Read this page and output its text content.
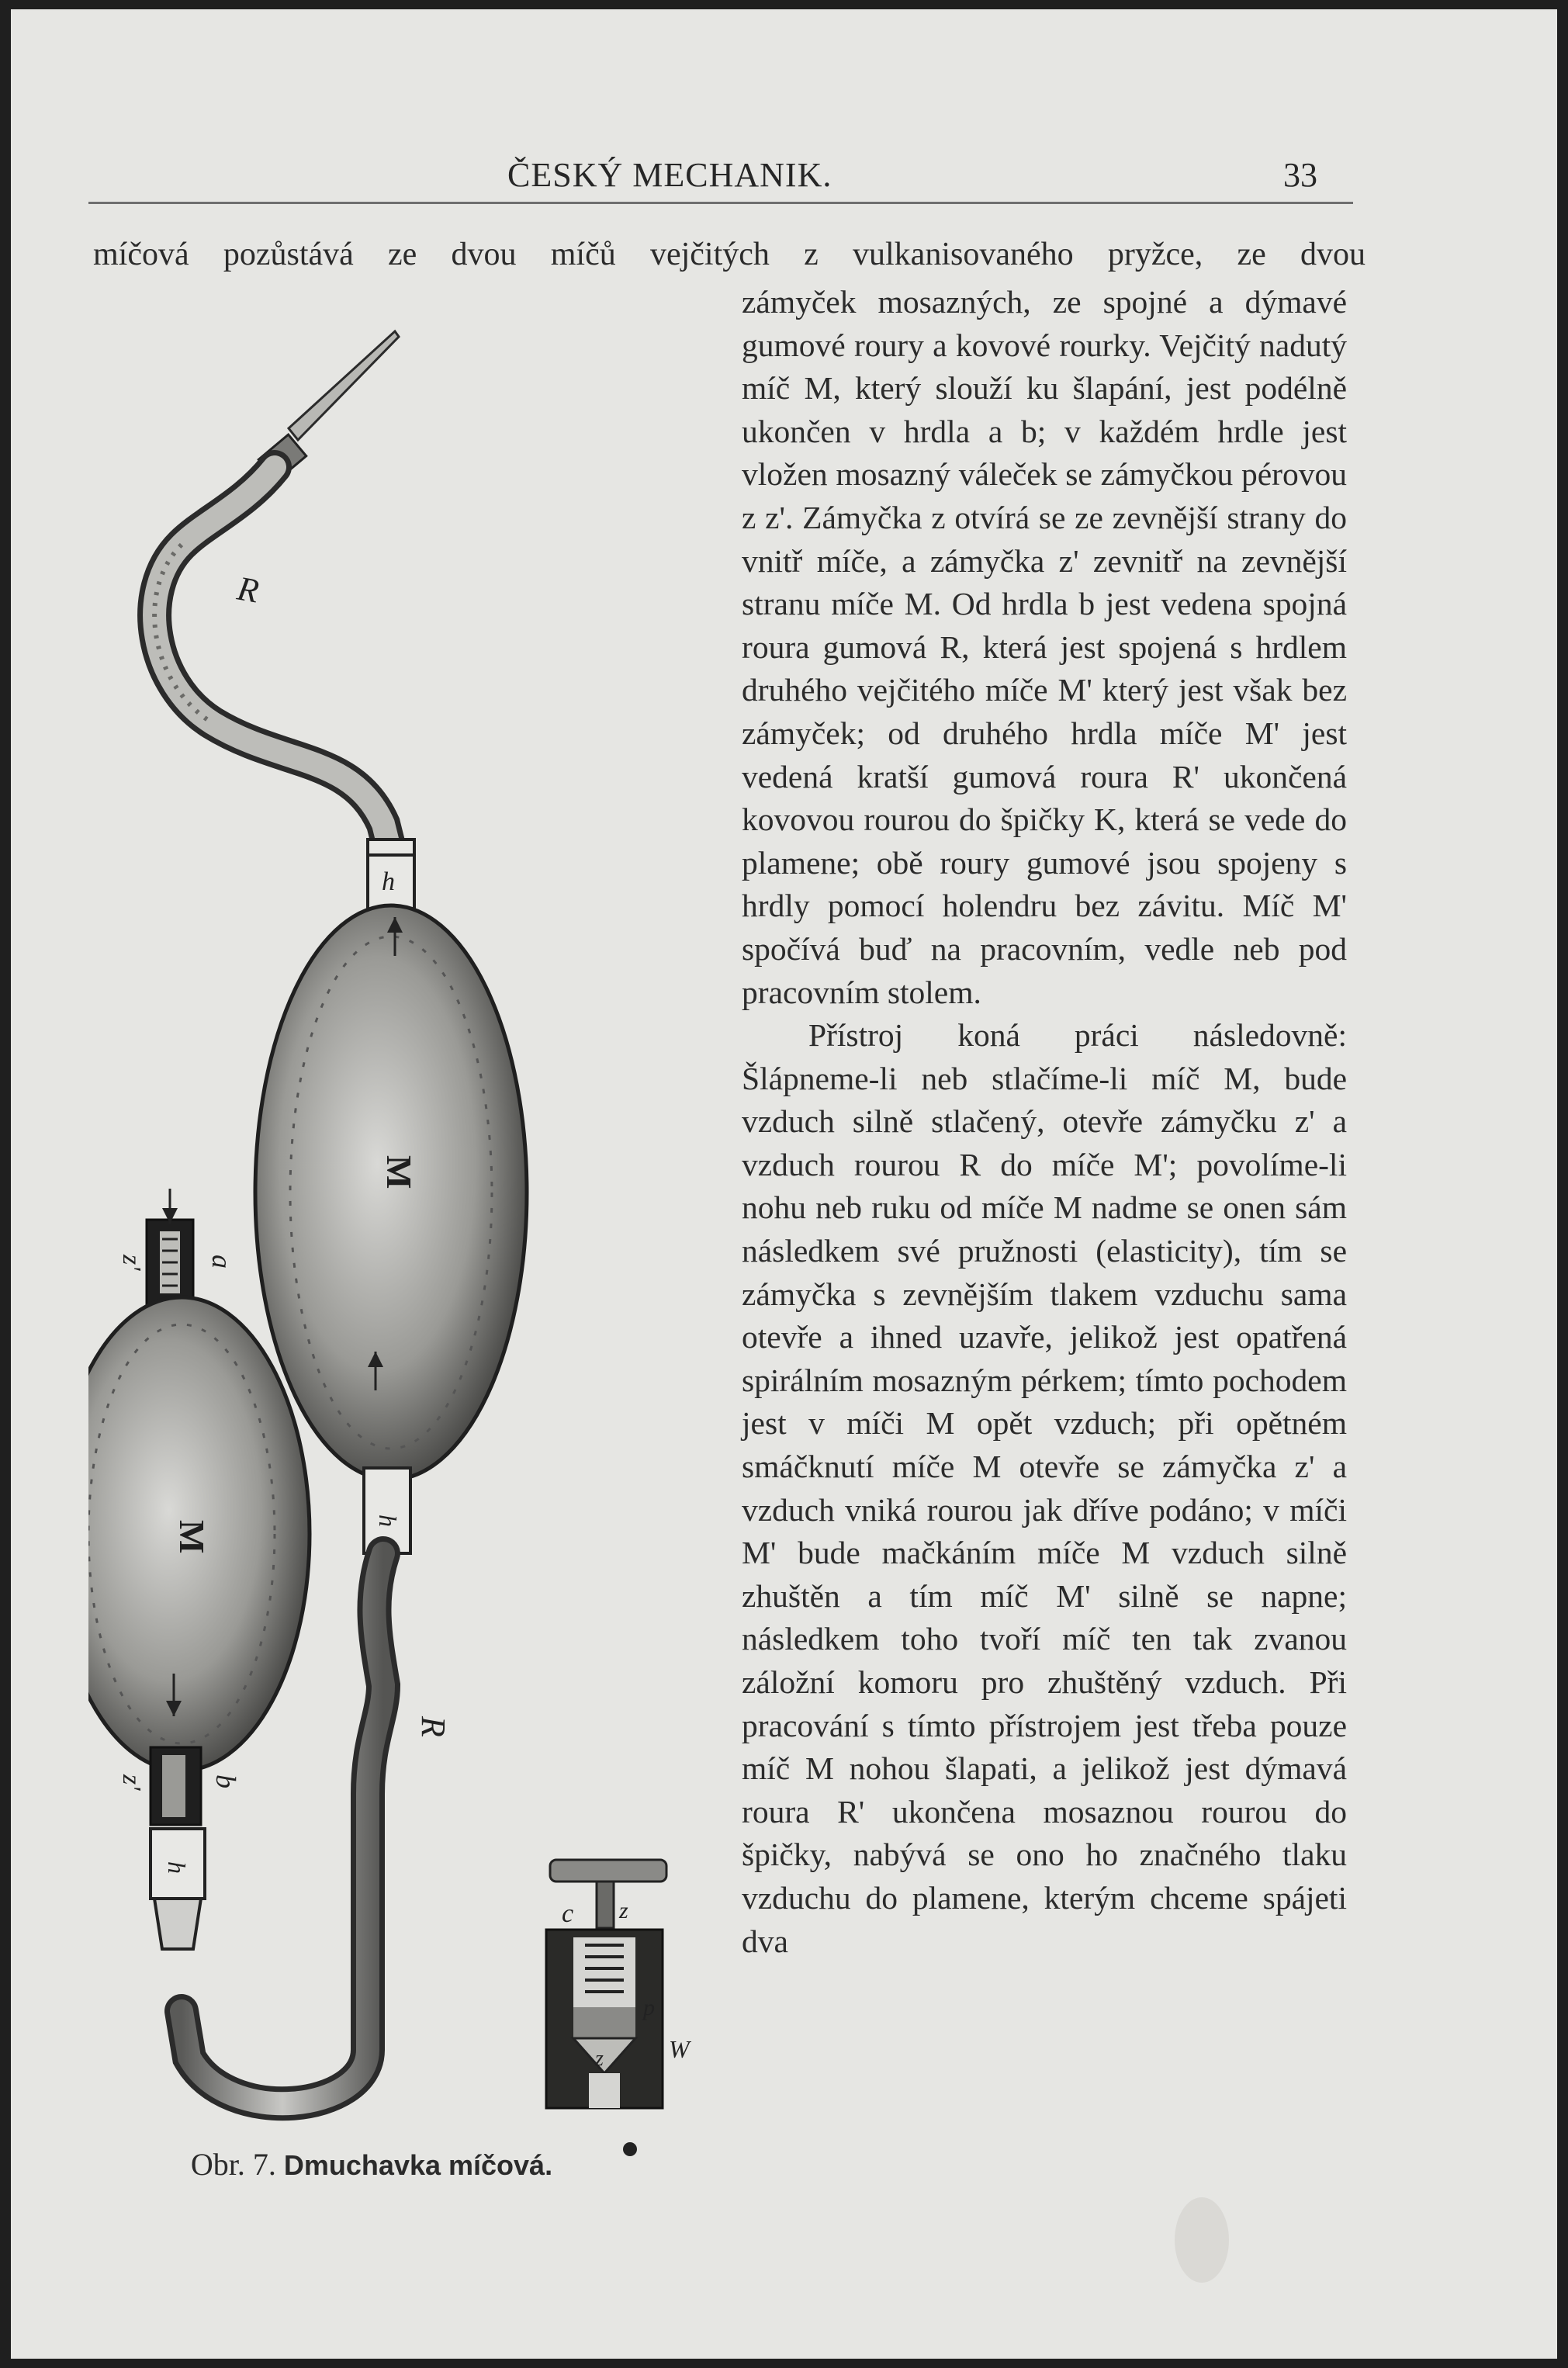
ČESKÝ MECHANIK.	33
míčová pozůstává ze dvou míčů vejčitých z vulkanisovaného pryžce, ze dvou

zámyček mosazných, ze spojné a dýmavé gumové roury a kovové rourky. Vejčitý nadutý míč M, který slouží ku šlapání, jest podélně ukončen v hrdla a b; v každém hrdle jest vložen mosazný váleček se zámyčkou pérovou z z'. Zámyčka z otvírá se ze zevnější strany do vnitř míče, a zámyčka z' zevnitř na zevnější stranu míče M. Od hrdla b jest vedena spojná roura gumová R, která jest spojená s hrdlem druhého vejčitého míče M' který jest však bez zámyček; od druhého hrdla míče M' jest vedená kratší gumová roura R' ukončená kovovou rourou do špičky K, která se vede do plamene; obě roury gumové jsou spojeny s hrdly pomocí holendru bez závitu. Míč M' spočívá buď na pracovním, vedle neb pod pracovním stolem.

Přístroj koná práci následovně: Šlápneme-li neb stlačíme-li míč M, bude vzduch silně stlačený, otevře zámyčku z' a vzduch rourou R do míče M'; povolíme-li nohu neb ruku od míče M nadme se onen sám následkem své pružnosti (elasticity), tím se zámyčka s zevnějším tlakem vzduchu sama otevře a ihned uzavře, jelikož jest opatřená spirálním mosazným pérkem; tímto pochodem jest v míči M opět vzduch; při opětném smáčknutí míče M otevře se zámyčka z' a vzduch vniká rourou jak dříve podáno; v míči M' bude mačkáním míče M vzduch silně zhuštěn a tím míč M' silně se napne; následkem toho tvoří míč ten tak zvanou záložní komoru pro zhuštěný vzduch. Při pracování s tímto přístrojem jest třeba pouze míč M nohou šlapati, a jelikož jest dýmavá roura R' ukončena mosaznou rourou do špičky, nabývá se ono ho značného tlaku vzduchu do plamene, kterým chceme spájeti dva

R
h
M
h
R
a
z'
M
b
z'
h
c z
p
z	W
Obr. 7. Dmuchavka míčová.
